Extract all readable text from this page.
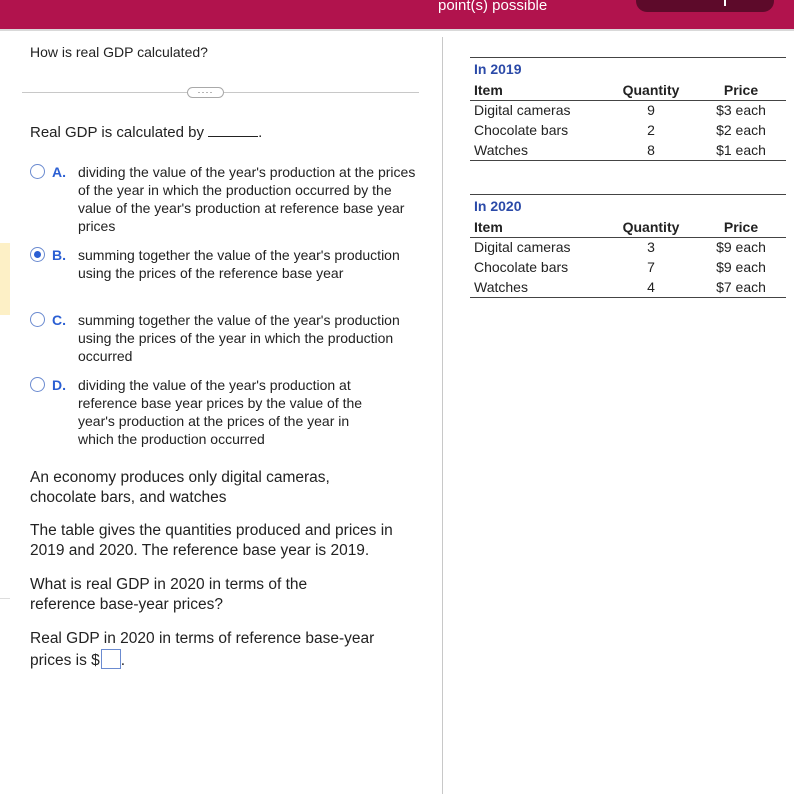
point(s) possible
How is real GDP calculated?
····
Real GDP is calculated by	.
A. dividing the value of the year's production at the prices of the year in which the production occurred by the value of the year's production at reference base year prices
B. summing together the value of the year's production using the prices of the reference base year
C. summing together the value of the year's production using the prices of the year in which the production occurred
D. dividing the value of the year's production at reference base year prices by the value of the year's production at the prices of the year in which the production occurred
An economy produces only digital cameras, chocolate bars, and watches
The table gives the quantities produced and prices in 2019 and 2020. The reference base year is 2019.
What is real GDP in 2020 in terms of the reference base-year prices?
Real GDP in 2020 in terms of reference base-year prices is $ .
In 2019		
Item	Quantity	Price
Digital cameras	9	$3 each
Chocolate bars	2	$2 each
Watches	8	$1 each
In 2020		
Item	Quantity	Price
Digital cameras	3	$9 each
Chocolate bars	7	$9 each
Watches	4	$7 each
